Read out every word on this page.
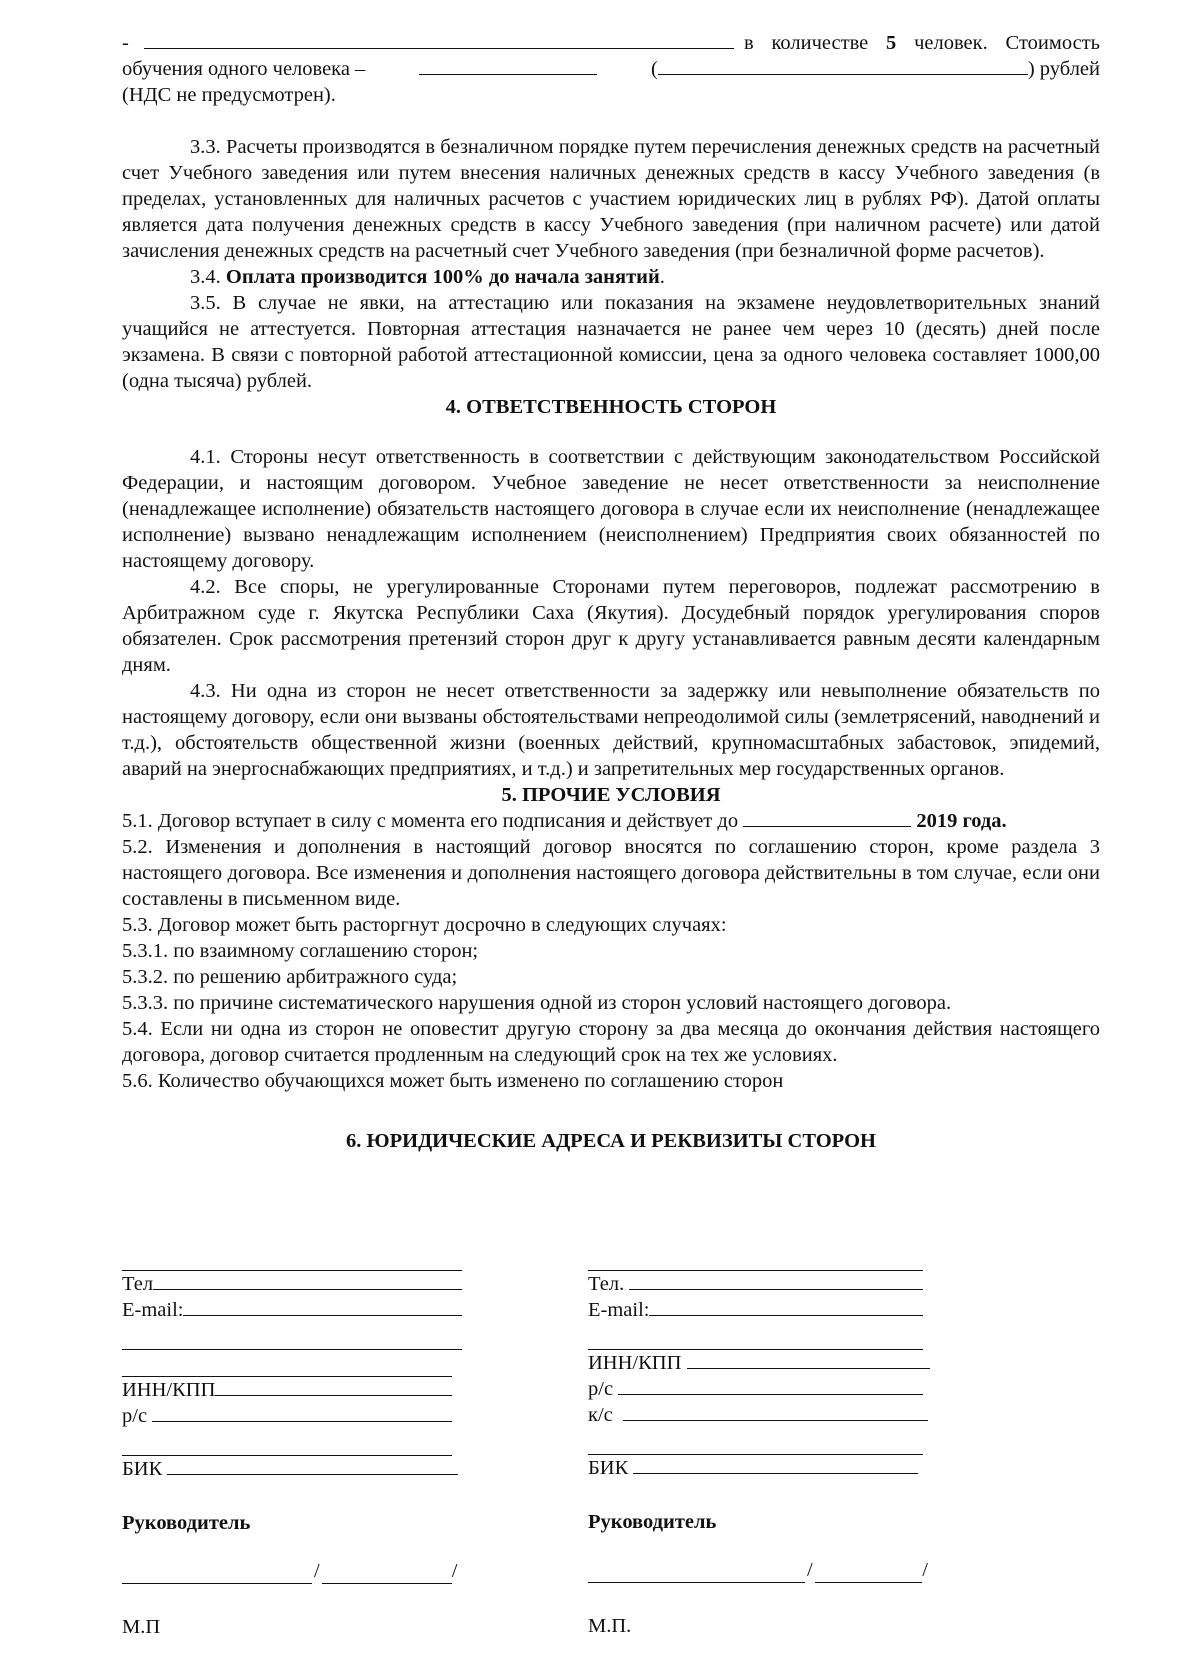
-	в количестве 5 человек. Стоимость
обучения одного человека –	(	) рублей

(НДС не предусмотрен).

3.3. Расчеты производятся в безналичном порядке путем перечисления денежных средств на расчетный счет Учебного заведения или путем внесения наличных денежных средств в кассу Учебного заведения (в пределах, установленных для наличных расчетов с участием юридических лиц в рублях РФ). Датой оплаты является дата получения денежных средств в кассу Учебного заведения (при наличном расчете) или датой зачисления денежных средств на расчетный счет Учебного заведения (при безналичной форме расчетов).

3.4. Оплата производится 100% до начала занятий.

3.5. В случае не явки, на аттестацию или показания на экзамене неудовлетворительных знаний учащийся не аттестуется. Повторная аттестация назначается не ранее чем через 10 (десять) дней после экзамена. В связи с повторной работой аттестационной комиссии, цена за одного человека составляет 1000,00 (одна тысяча) рублей.

4. ОТВЕТСТВЕННОСТЬ СТОРОН

4.1. Стороны несут ответственность в соответствии с действующим законодательством Российской Федерации, и настоящим договором. Учебное заведение не несет ответственности за неисполнение (ненадлежащее исполнение) обязательств настоящего договора в случае если их неисполнение (ненадлежащее исполнение) вызвано ненадлежащим исполнением (неисполнением) Предприятия своих обязанностей по настоящему договору.

4.2. Все споры, не урегулированные Сторонами путем переговоров, подлежат рассмотрению в Арбитражном суде г. Якутска Республики Саха (Якутия). Досудебный порядок урегулирования споров обязателен. Срок рассмотрения претензий сторон друг к другу устанавливается равным десяти календарным дням.

4.3. Ни одна из сторон не несет ответственности за задержку или невыполнение обязательств по настоящему договору, если они вызваны обстоятельствами непреодолимой силы (землетрясений, наводнений и т.д.), обстоятельств общественной жизни (военных действий, крупномасштабных забастовок, эпидемий, аварий на энергоснабжающих предприятиях, и т.д.) и запретительных мер государственных органов.

5. ПРОЧИЕ УСЛОВИЯ

5.1. Договор вступает в силу с момента его подписания и действует до	2019 года.

5.2. Изменения и дополнения в настоящий договор вносятся по соглашению сторон, кроме раздела 3 настоящего договора. Все изменения и дополнения настоящего договора действительны в том случае, если они составлены в письменном виде.

5.3. Договор может быть расторгнут досрочно в следующих случаях:

5.3.1. по взаимному соглашению сторон;

5.3.2. по решению арбитражного суда;

5.3.3. по причине систематического нарушения одной из сторон условий настоящего договора.

5.4. Если ни одна из сторон не оповестит другую сторону за два месяца до окончания действия настоящего договора, договор считается продленным на следующий срок на тех же условиях.

5.6. Количество обучающихся может быть изменено по соглашению сторон

6. ЮРИДИЧЕСКИЕ АДРЕСА И РЕКВИЗИТЫ СТОРОН

Тел
E-mail:
ИНН/КПП
р/с

БИК

Руководитель
/	/
М.П
Тел.

E-mail:
ИНН/КПП

р/с

к/с

БИК

Руководитель
/	/
М.П.
